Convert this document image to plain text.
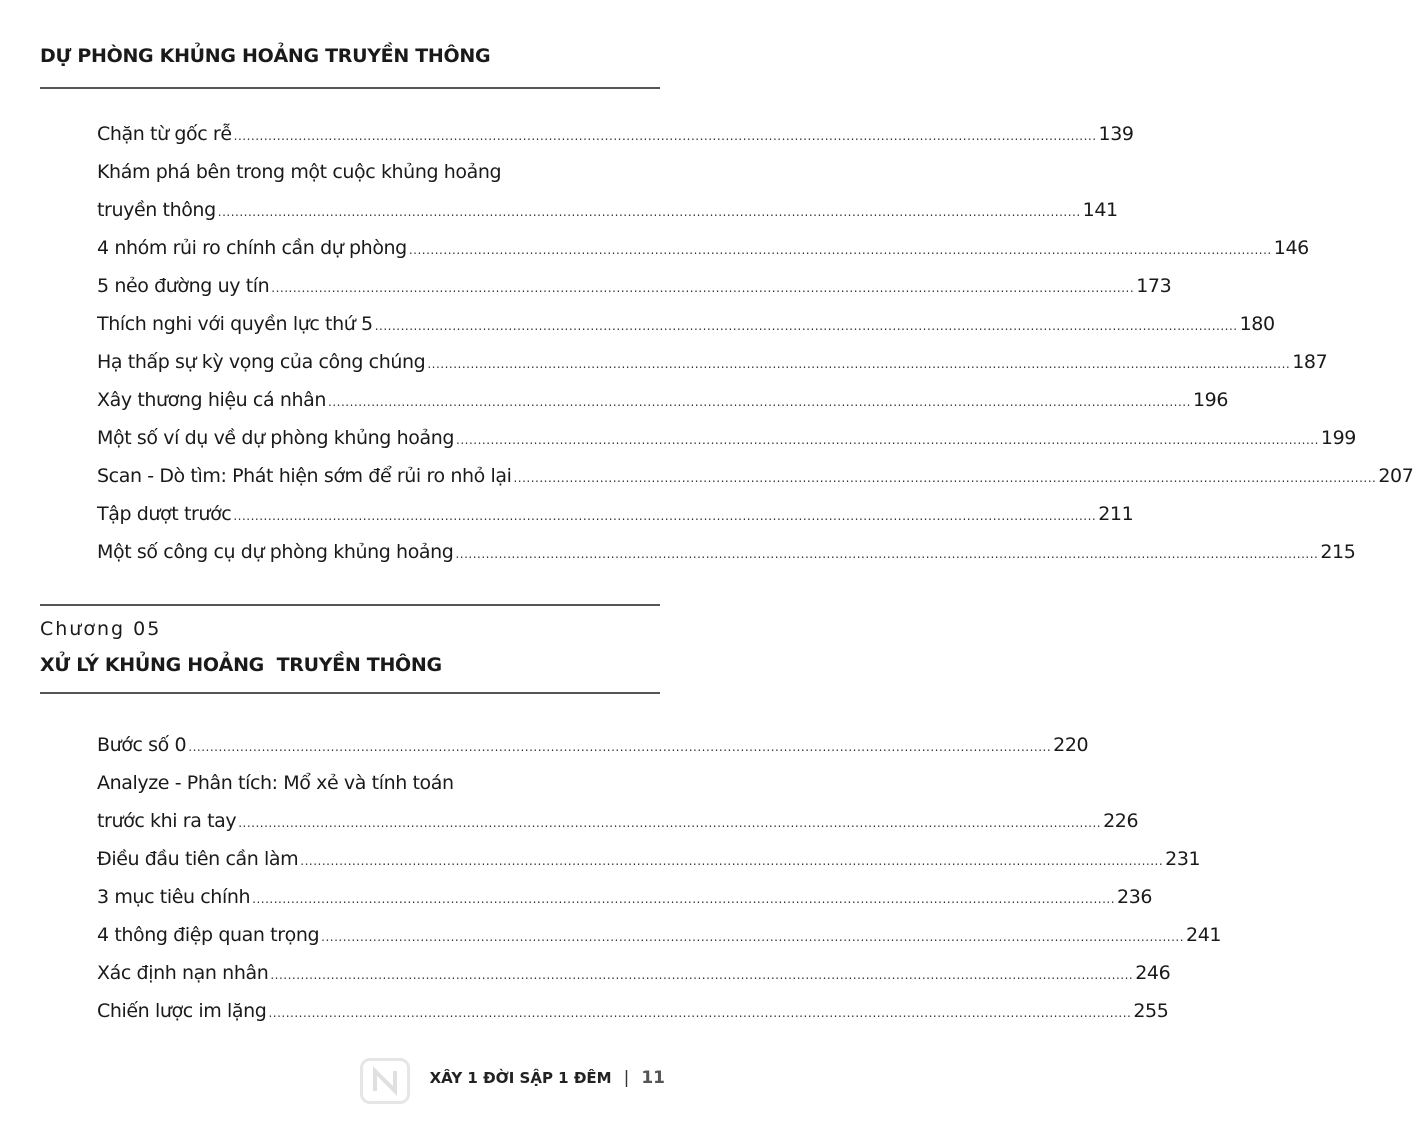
DỰ PHÒNG KHỦNG HOẢNG TRUYỀN THÔNG
Chặn từ gốc rễ ........................................................................................................................................................................................................ 139
Khám phá bên trong một cuộc khủng hoảng
truyền thông ........................................................................................................................................................................................................ 141
4 nhóm rủi ro chính cần dự phòng ........................................................................................................................................................................................................ 146
5 nẻo đường uy tín ........................................................................................................................................................................................................ 173
Thích nghi với quyền lực thứ 5 ........................................................................................................................................................................................................ 180
Hạ thấp sự kỳ vọng của công chúng ........................................................................................................................................................................................................ 187
Xây thương hiệu cá nhân ........................................................................................................................................................................................................ 196
Một số ví dụ về dự phòng khủng hoảng ........................................................................................................................................................................................................ 199
Scan - Dò tìm: Phát hiện sớm để rủi ro nhỏ lại ........................................................................................................................................................................................................ 207
Tập dượt trước ........................................................................................................................................................................................................ 211
Một số công cụ dự phòng khủng hoảng ........................................................................................................................................................................................................ 215
Chương 05
XỬ LÝ KHỦNG HOẢNG  TRUYỀN THÔNG
Bước số 0 ........................................................................................................................................................................................................ 220
Analyze - Phân tích: Mổ xẻ và tính toán
trước khi ra tay ........................................................................................................................................................................................................ 226
Điều đầu tiên cần làm ........................................................................................................................................................................................................ 231
3 mục tiêu chính ........................................................................................................................................................................................................ 236
4 thông điệp quan trọng ........................................................................................................................................................................................................ 241
Xác định nạn nhân ........................................................................................................................................................................................................ 246
Chiến lược im lặng ........................................................................................................................................................................................................ 255
XÂY 1 ĐỜI SẬP 1 ĐÊM | 11
